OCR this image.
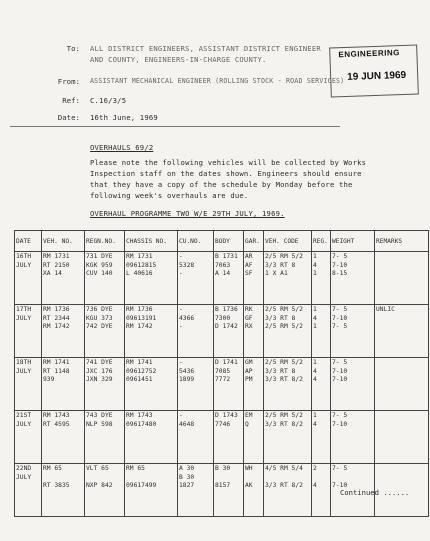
To: ALL DISTRICT ENGINEERS, ASSISTANT DISTRICT ENGINEER
AND COUNTY, ENGINEERS-IN-CHARGE COUNTY.
From: ASSISTANT MECHANICAL ENGINEER (ROLLING STOCK - ROAD SERVICES)
Ref: C.16/3/5
Date: 16th June, 1969
ENGINEERING
19 JUN 1969
OVERHAULS 69/2
Please note the following vehicles will be collected by Works
Inspection staff on the dates shown. Engineers should ensure
that they have a copy of the schedule by Monday before the
following week's overhauls are due.
OVERHAUL PROGRAMME TWO W/E 29TH JULY, 1969.
DATE	VEH. NO.	REGN.NO.	CHASSIS NO.	CU.NO.	BODY	GAR.	VEH. CODE	REG.	WEIGHT	REMARKS

16TH
JULY	RM 1731
RT 2150
XA 14	731 DYE
KGK 959
CUV 140	RM 1731
09612815
L 40616	-
5328
-	B 1731
7063
A 14	AR
AF
SF	2/5 RM 5/2
3/3 RT 8
1 X A1	1
4
1	7- 5
7-10
8-15

17TH
JULY	RM 1736
RT 2344
RM 1742	736 DYE
KGU 373
742 DYE	RM 1736
09613191
RM 1742	-
4366
-	B 1736
7300
D 1742	RK
GF
RX	2/5 RM 5/2
3/3 RT 8
2/5 RM 5/2	1
4
1	7- 5
7-10
7- 5	UNLIC

18TH
JULY	RM 1741
RT 1148
939	741 DYE
JXC 176
JXN 329	RM 1741
09612752
0961451	-
5436
1899	D 1741
7085
7772	GM
AP
PM	2/5 RM 5/2
3/3 RT 8
3/3 RT 8/2	1
4
4	7- 5
7-10
7-10

21ST
JULY	RM 1743
RT 4595	743 DYE
NLP 598	RM 1743
09617480	-
4648	D 1743
7746	EM
Q	2/5 RM 5/2
3/3 RT 8/2	1
4	7- 5
7-10

22ND
JULY	RM 65
RT 3835	VLT 65
NXP 842	RM 65
09617499	A 30
B 30
1827	B 30
8157	WH
AK	4/5 RM 5/4
3/3 RT 8/2	2
4	7- 5
7-10

Continued ......
